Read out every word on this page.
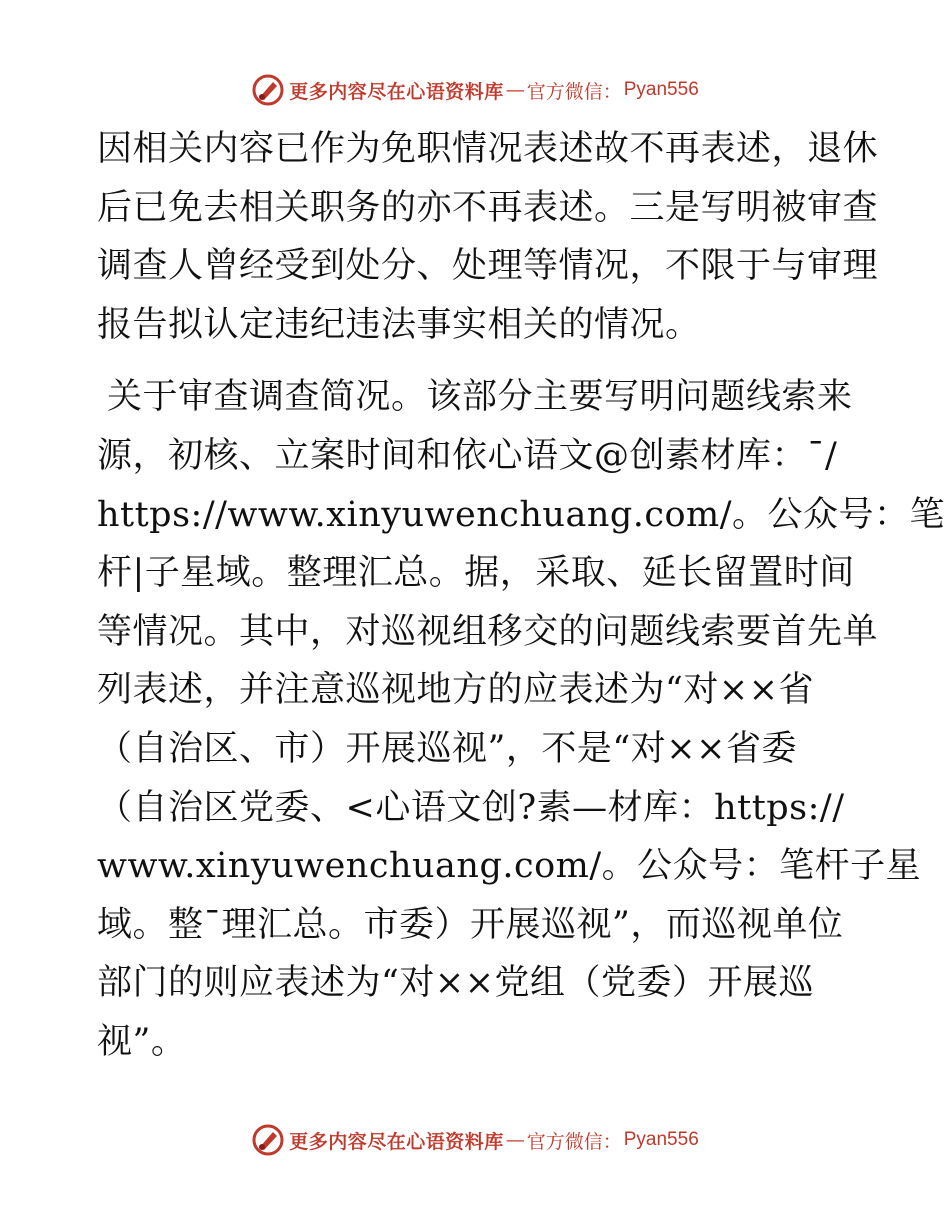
更多内容尽在心语资料库 — 官方微信： Pyan556
因相关内容已作为免职情况表述故不再表述，退休
后已免去相关职务的亦不再表述。三是写明被审查
调查人曾经受到处分、处理等情况，不限于与审理
报告拟认定违纪违法事实相关的情况。
关于审查调查简况。该部分主要写明问题线索来
源，初核、立案时间和依心语文@创素材库：¯/
https://www.xinyuwenchuang.com/。公众号：笔
杆|子星域。整理汇总。据，采取、延长留置时间
等情况。其中，对巡视组移交的问题线索要首先单
列表述，并注意巡视地方的应表述为“对××省
（自治区、市）开展巡视”，不是“对××省委
（自治区党委、<心语文创?素—材库：https://
www.xinyuwenchuang.com/。公众号：笔杆子星
域。整¯理汇总。市委）开展巡视”，而巡视单位
部门的则应表述为“对××党组（党委）开展巡
视”。
更多内容尽在心语资料库 — 官方微信： Pyan556
